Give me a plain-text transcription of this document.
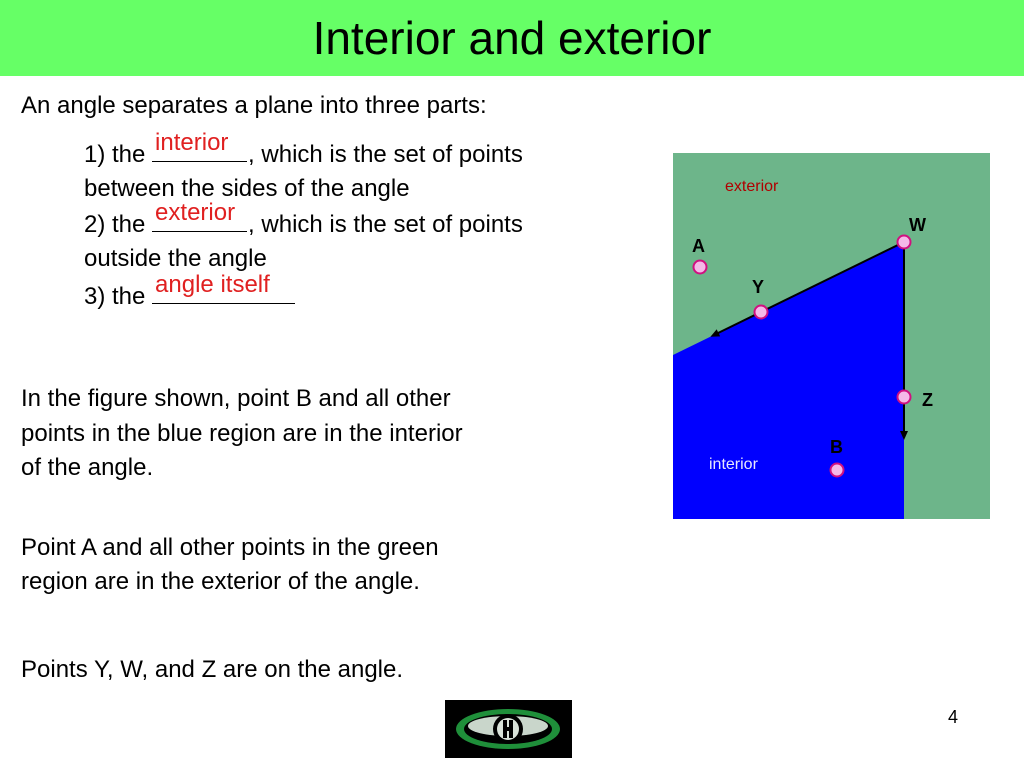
Interior and exterior
An angle separates a plane into three parts:
1) the interior , which is the set of points
between the sides of the angle
2) the exterior , which is the set of points
outside the angle
3) the angle itself
In the figure shown, point B and all other
points in the blue region are in the interior
of the angle.
Point A and all other points in the green
region are in the exterior of the angle.
Points Y, W, and Z are on the angle.
exterior
interior
A
W
Y
Z
B
4
